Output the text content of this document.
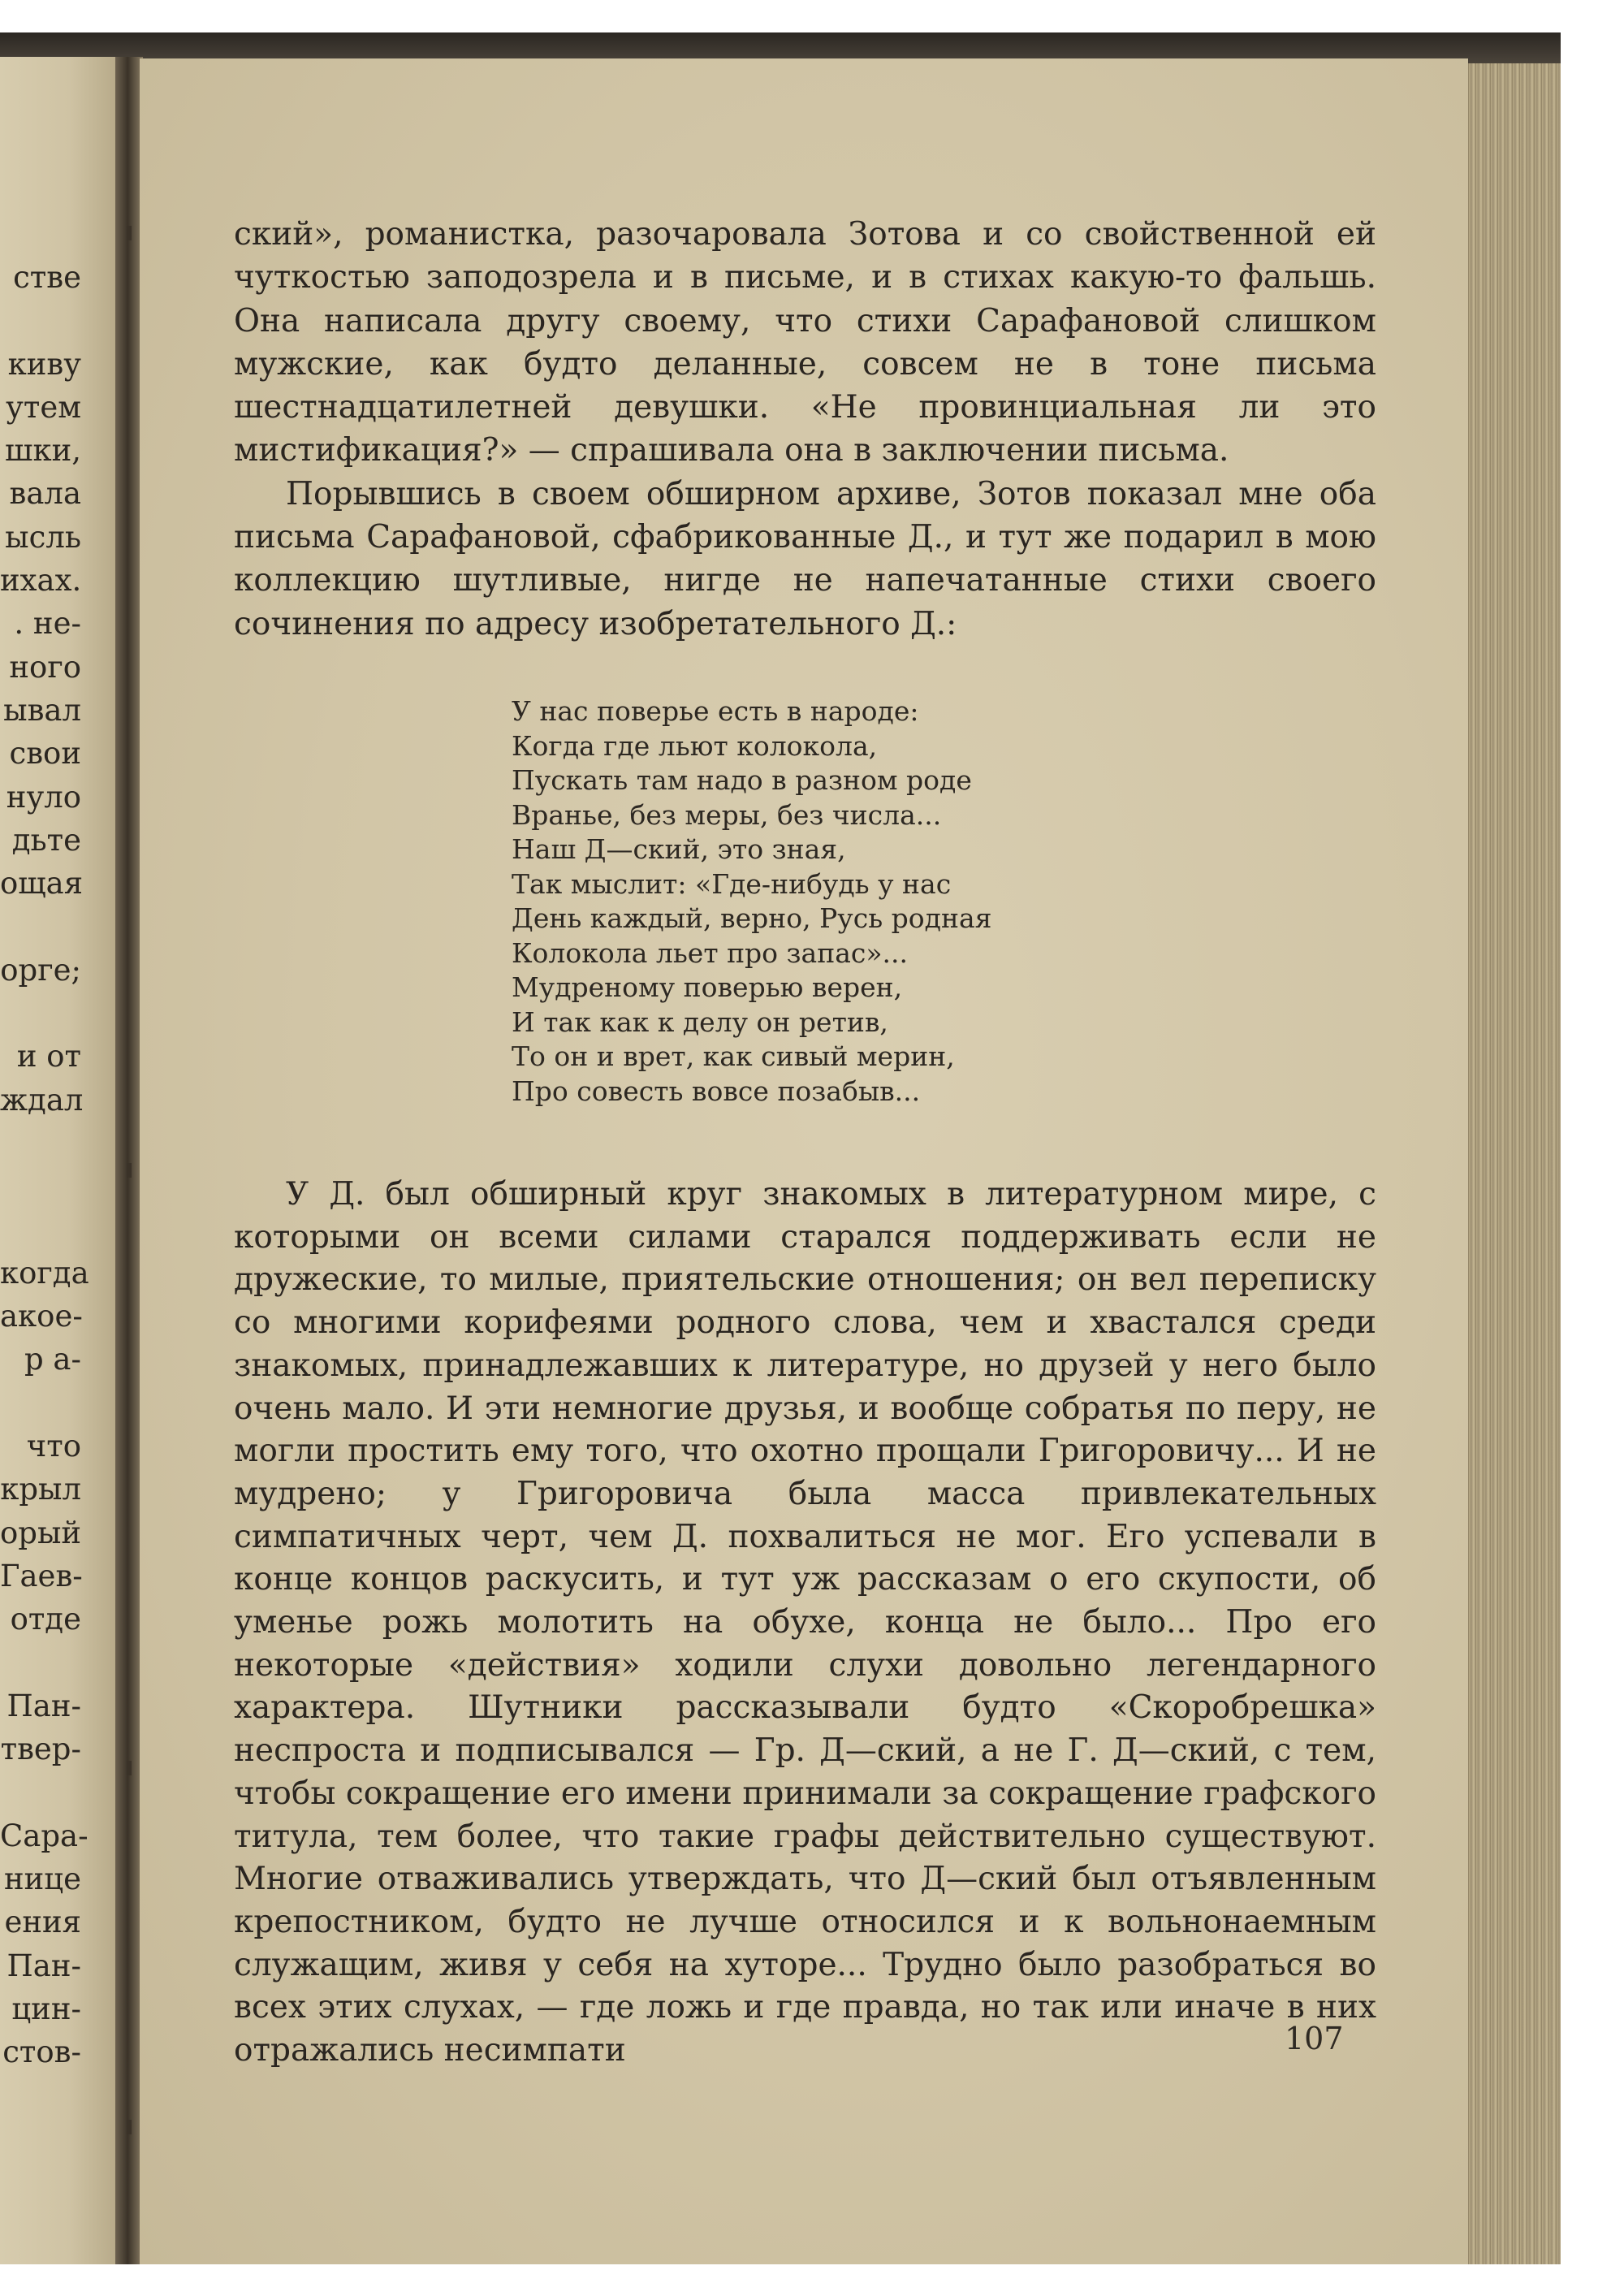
стве
киву
утем
шки,
вала
ысль
ихах.
. не-
ного
ывал
свои
нуло
дьте
ощая
орге;
и от
ждал
когда
акое-
р а-
что
крыл
орый
Гаев-
отде
Пан-
твер-
Сара-
нице
ения
Пан-
цин-
стов-

ский», романистка, разочаровала Зотова и со свойственной ей чуткостью заподозрела и в письме, и в стихах какую-то фальшь. Она написала другу своему, что стихи Сарафановой слишком мужские, как будто деланные, совсем не в тоне письма шестнадцатилетней девушки. «Не провинциальная ли это мистификация?» — спрашивала она в заключении письма.

Порывшись в своем обширном архиве, Зотов показал мне оба письма Сарафановой, сфабрикованные Д., и тут же подарил в мою коллекцию шутливые, нигде не напечатанные стихи своего сочинения по адресу изобретательного Д.:

У нас поверье есть в народе:
Когда где льют колокола,
Пускать там надо в разном роде
Вранье, без меры, без числа...
Наш Д—ский, это зная,
Так мыслит: «Где-нибудь у нас
День каждый, верно, Русь родная
Колокола льет про запас»...
Мудреному поверью верен,
И так как к делу он ретив,
То он и врет, как сивый мерин,
Про совесть вовсе позабыв...

У Д. был обширный круг знакомых в литературном мире, с которыми он всеми силами старался поддерживать если не дружеские, то милые, приятельские отношения; он вел переписку со многими корифеями родного слова, чем и хвастался среди знакомых, принадлежавших к литературе, но друзей у него было очень мало. И эти немногие друзья, и вообще собратья по перу, не могли простить ему того, что охотно прощали Григоровичу... И не мудрено; у Григоровича была масса привлекательных симпатичных черт, чем Д. похвалиться не мог. Его успевали в конце концов раскусить, и тут уж рассказам о его скупости, об уменье рожь молотить на обухе, конца не было... Про его некоторые «действия» ходили слухи довольно легендарного характера. Шутники рассказывали будто «Скоробрешка» неспроста и подписывался — Гр. Д—ский, а не Г. Д—ский, с тем, чтобы сокращение его имени принимали за сокращение графского титула, тем более, что такие графы действительно существуют. Многие отваживались утверждать, что Д—ский был отъявленным крепостником, будто не лучше относился и к вольнонаемным служащим, живя у себя на хуторе... Трудно было разобраться во всех этих слухах, — где ложь и где правда, но так или иначе в них отражались несимпати	107
